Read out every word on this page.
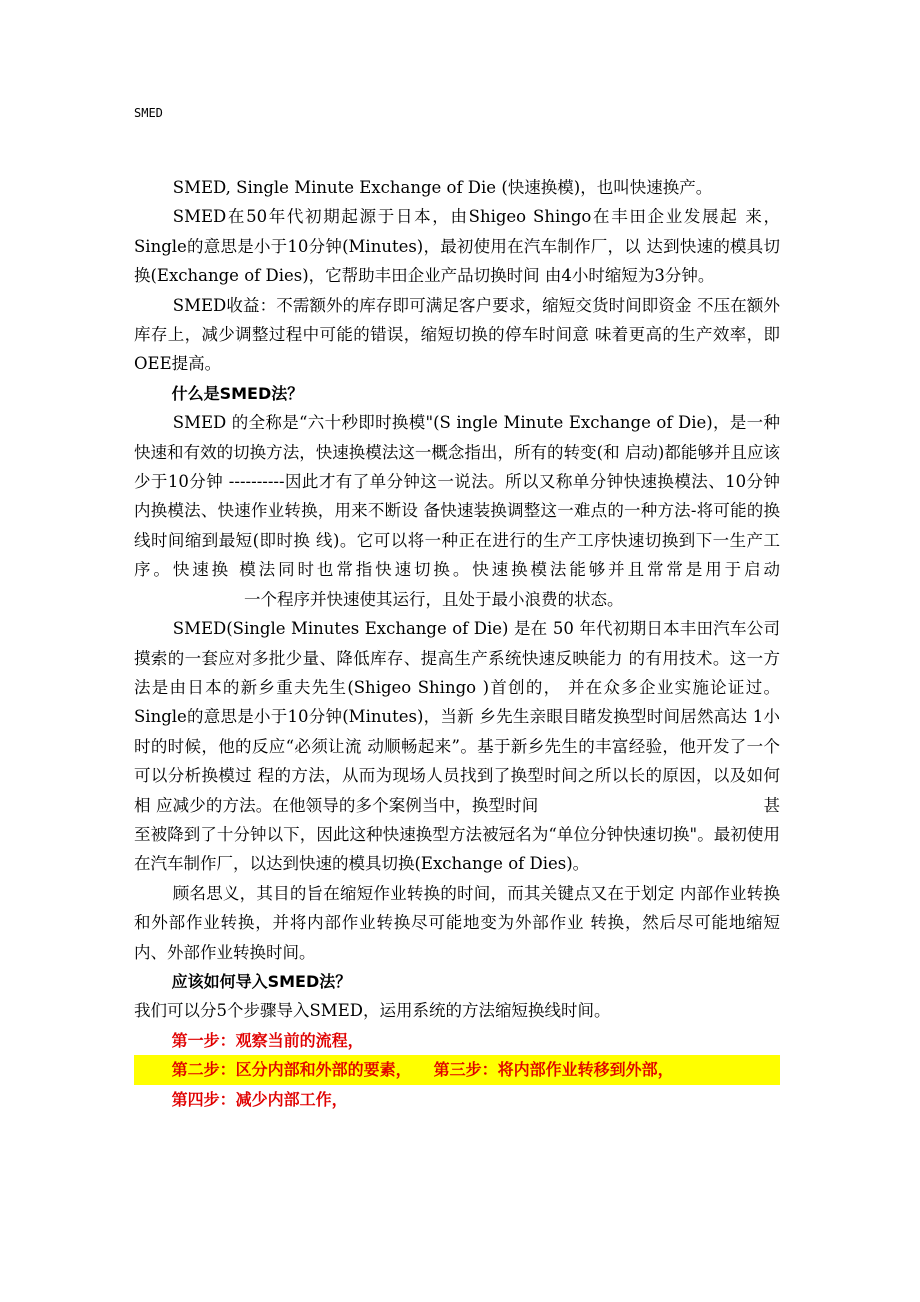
SMED

SMED, Single Minute Exchange of Die (快速换模)，也叫快速换产。

SMED在50年代初期起源于日本，由Shigeo Shingo在丰田企业发展起 来，Single的意思是小于10分钟(Minutes)，最初使用在汽车制作厂，以 达到快速的模具切换(Exchange of Dies)，它帮助丰田企业产品切换时间 由4小时缩短为3分钟。

SMED收益：不需额外的库存即可满足客户要求，缩短交货时间即资金 不压在额外库存上，减少调整过程中可能的错误，缩短切换的停车时间意 味着更高的生产效率，即OEE提高。

什么是SMED法？

SMED 的全称是“六十秒即时换模"(S ingle Minute Exchange of Die)，是一种快速和有效的切换方法，快速换模法这一概念指出，所有的转变(和 启动)都能够并且应该少于10分钟 ----------因此才有了单分钟这一说法。所以又称单分钟快速换模法、10分钟内换模法、快速作业转换，用来不断设 备快速装换调整这一难点的一种方法-将可能的换线时间缩到最短(即时换 线)。它可以将一种正在进行的生产工序快速切换到下一生产工序。快速换 模法同时也常指快速切换。快速换模法能够并且常常是用于启动一个程序并快速使其运行，且处于最小浪费的状态。

SMED(Single Minutes Exchange of Die) 是在 50 年代初期日本丰田汽车公司摸索的一套应对多批少量、降低库存、提高生产系统快速反映能力 的有用技术。这一方法是由日本的新乡重夫先生(Shigeo Shingo )首创的， 并在众多企业实施论证过。Single的意思是小于10分钟(Minutes)，当新 乡先生亲眼目睹发换型时间居然高达 1小时的时候，他的反应“必须让流 动顺畅起来”。基于新乡先生的丰富经验，他开发了一个可以分析换模过 程的方法，从而为现场人员找到了换型时间之所以长的原因，以及如何相 应减少的方法。在他领导的多个案例当中，换型时间	甚至被降到了十分钟以下，因此这种快速换型方法被冠名为“单位分钟快速切换"。最初使用 在汽车制作厂，以达到快速的模具切换(Exchange of Dies)。

顾名思义，其目的旨在缩短作业转换的时间，而其关键点又在于划定 内部作业转换和外部作业转换，并将内部作业转换尽可能地变为外部作业 转换，然后尽可能地缩短内、外部作业转换时间。

应该如何导入SMED法？

我们可以分5个步骤导入SMED，运用系统的方法缩短换线时间。

第一步：观察当前的流程，

第二步：区分内部和外部的要素， 第三步：将内部作业转移到外部，

第四步：减少内部工作，
